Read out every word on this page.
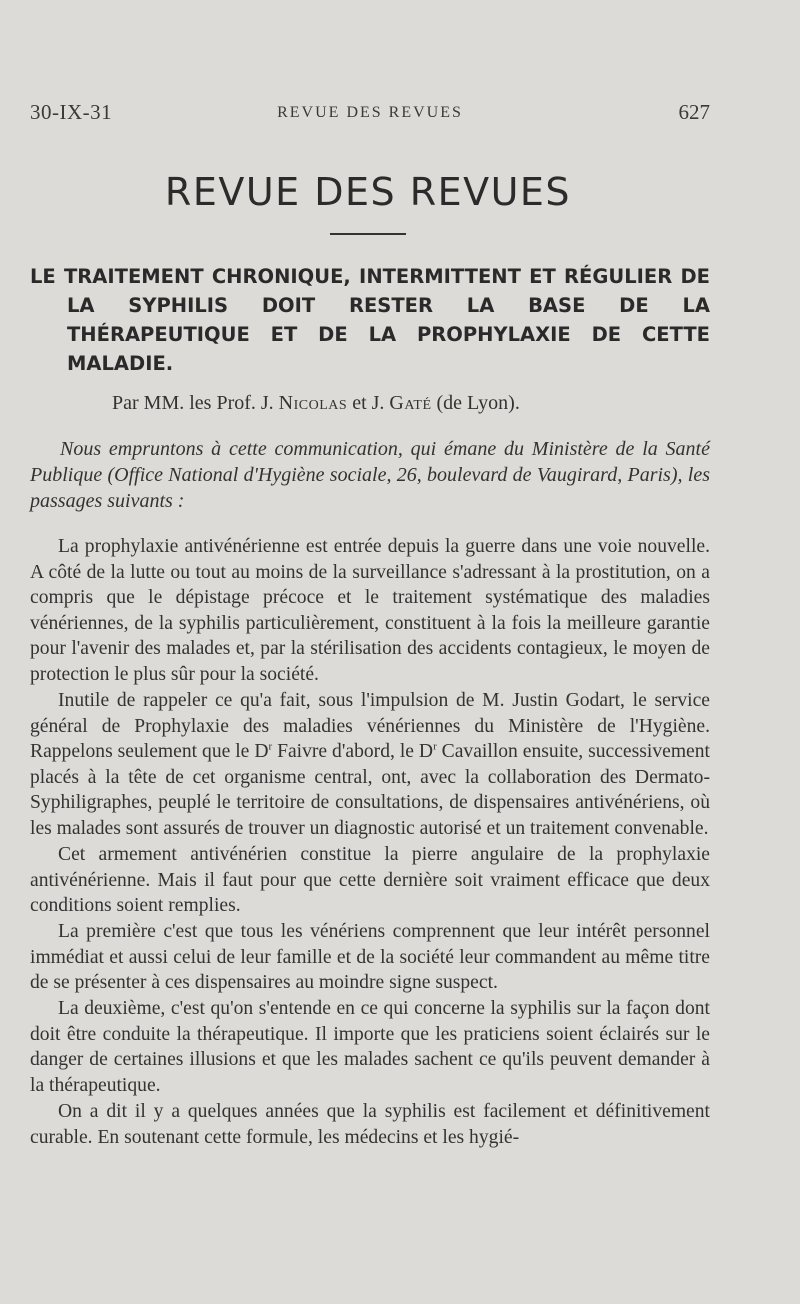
30-IX-31	REVUE DES REVUES	627
REVUE DES REVUES
LE TRAITEMENT CHRONIQUE, INTERMITTENT ET RÉGULIER DE LA SYPHILIS DOIT RESTER LA BASE DE LA THÉRAPEUTIQUE ET DE LA PROPHYLAXIE DE CETTE MALADIE.
Par MM. les Prof. J. Nicolas et J. Gaté (de Lyon).

Nous empruntons à cette communication, qui émane du Ministère de la Santé Publique (Office National d'Hygiène sociale, 26, boulevard de Vaugirard, Paris), les passages suivants :

La prophylaxie antivénérienne est entrée depuis la guerre dans une voie nouvelle. A côté de la lutte ou tout au moins de la surveillance s'adressant à la prostitution, on a compris que le dépistage précoce et le traitement systématique des maladies vénériennes, de la syphilis particulièrement, constituent à la fois la meilleure garantie pour l'avenir des malades et, par la stérilisation des accidents contagieux, le moyen de protection le plus sûr pour la société.

Inutile de rappeler ce qu'a fait, sous l'impulsion de M. Justin Godart, le service général de Prophylaxie des maladies vénériennes du Ministère de l'Hygiène. Rappelons seulement que le $D^r$ Faivre d'abord, le $D^r$ Cavaillon ensuite, successivement placés à la tête de cet organisme central, ont, avec la collaboration des Dermato-Syphiligraphes, peuplé le territoire de consultations, de dispensaires antivénériens, où les malades sont assurés de trouver un diagnostic autorisé et un traitement convenable.

Cet armement antivénérien constitue la pierre angulaire de la prophylaxie antivénérienne. Mais il faut pour que cette dernière soit vraiment efficace que deux conditions soient remplies.

La première c'est que tous les vénériens comprennent que leur intérêt personnel immédiat et aussi celui de leur famille et de la société leur commandent au même titre de se présenter à ces dispensaires au moindre signe suspect.

La deuxième, c'est qu'on s'entende en ce qui concerne la syphilis sur la façon dont doit être conduite la thérapeutique. Il importe que les praticiens soient éclairés sur le danger de certaines illusions et que les malades sachent ce qu'ils peuvent demander à la thérapeutique.

On a dit il y a quelques années que la syphilis est facilement et définitivement curable. En soutenant cette formule, les médecins et les hygié-
